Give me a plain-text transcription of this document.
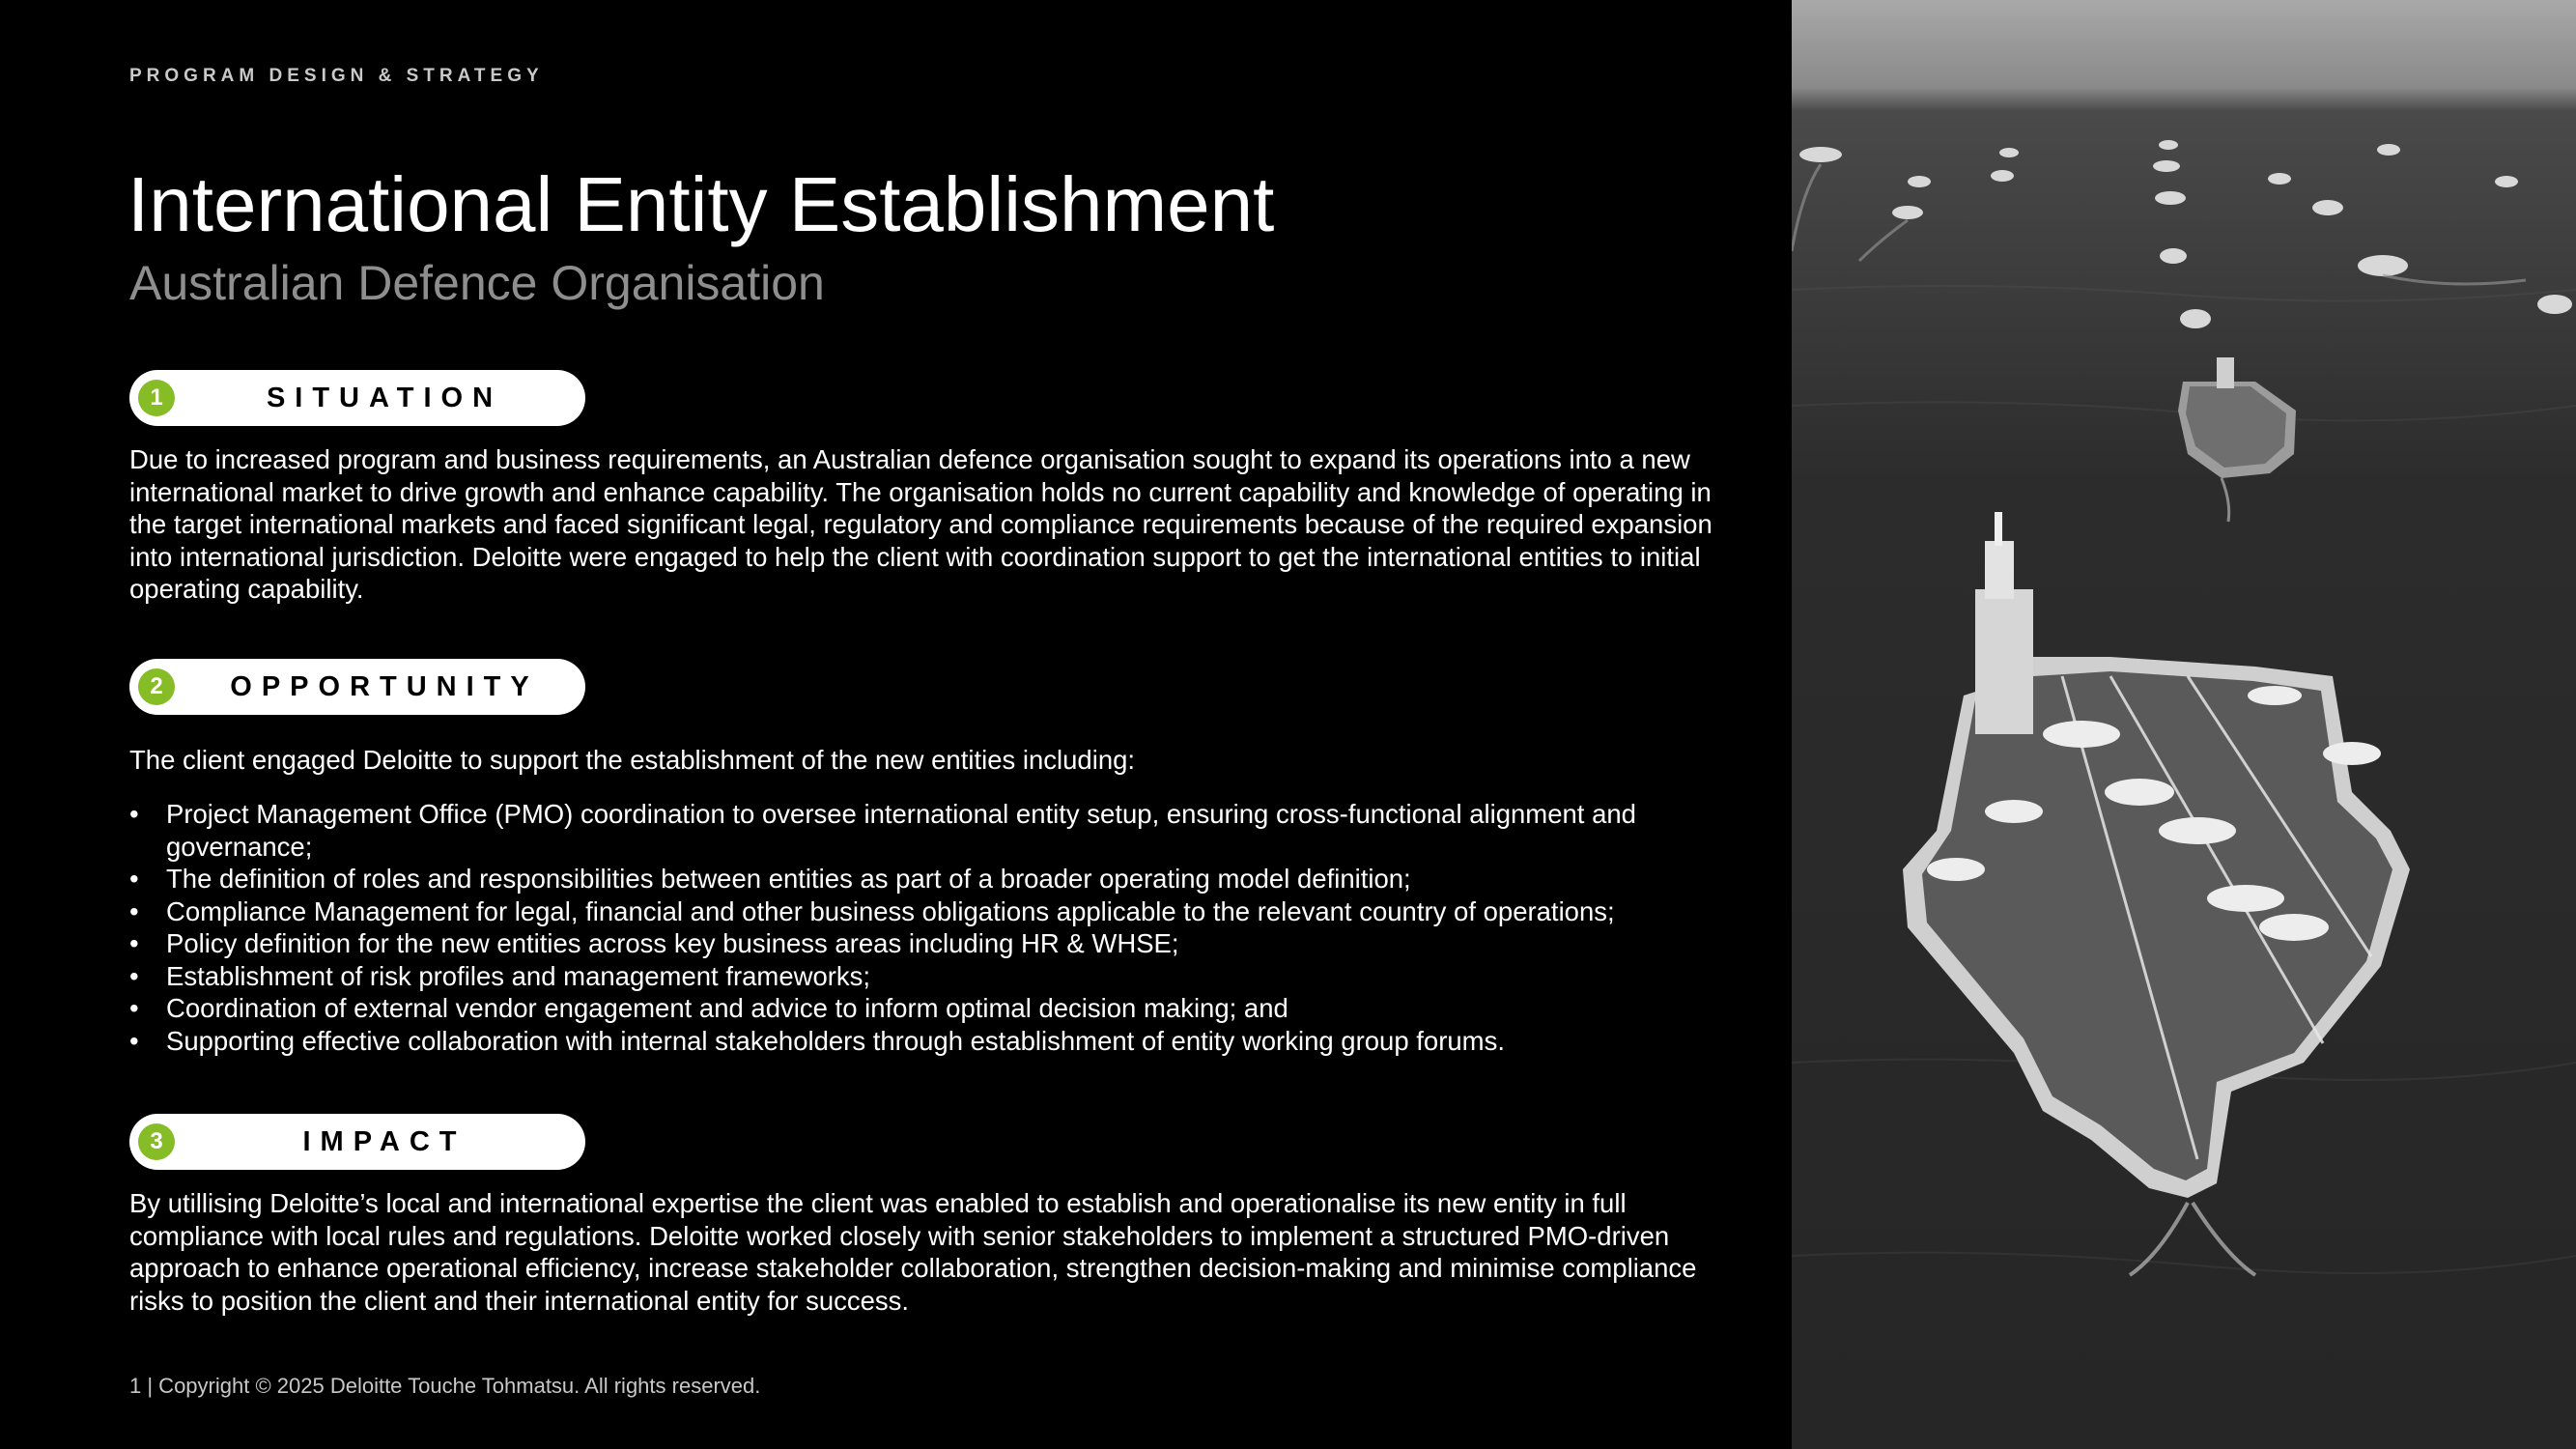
PROGRAM DESIGN & STRATEGY
International Entity Establishment
Australian Defence Organisation
1	SITUATION

Due to increased program and business requirements, an Australian defence organisation sought to expand its operations into a new international market to drive growth and enhance capability. The organisation holds no current capability and knowledge of operating in the target international markets and faced significant legal, regulatory and compliance requirements because of the required expansion into international jurisdiction. Deloitte were engaged to help the client with coordination support to get the international entities to initial operating capability.

2	OPPORTUNITY

The client engaged Deloitte to support the establishment of the new entities including:

• Project Management Office (PMO) coordination to oversee international entity setup, ensuring cross-functional alignment and governance;
• The definition of roles and responsibilities between entities as part of a broader operating model definition;
• Compliance Management for legal, financial and other business obligations applicable to the relevant country of operations;
• Policy definition for the new entities across key business areas including HR & WHSE;
• Establishment of risk profiles and management frameworks;
• Coordination of external vendor engagement and advice to inform optimal decision making; and
• Supporting effective collaboration with internal stakeholders through establishment of entity working group forums.
3	IMPACT

By utillising Deloitte’s local and international expertise the client was enabled to establish and operationalise its new entity in full compliance with local rules and regulations. Deloitte worked closely with senior stakeholders to implement a structured PMO-driven approach to enhance operational efficiency, increase stakeholder collaboration, strengthen decision-making and minimise compliance risks to position the client and their international entity for success.

1 | Copyright © 2025 Deloitte Touche Tohmatsu. All rights reserved.
